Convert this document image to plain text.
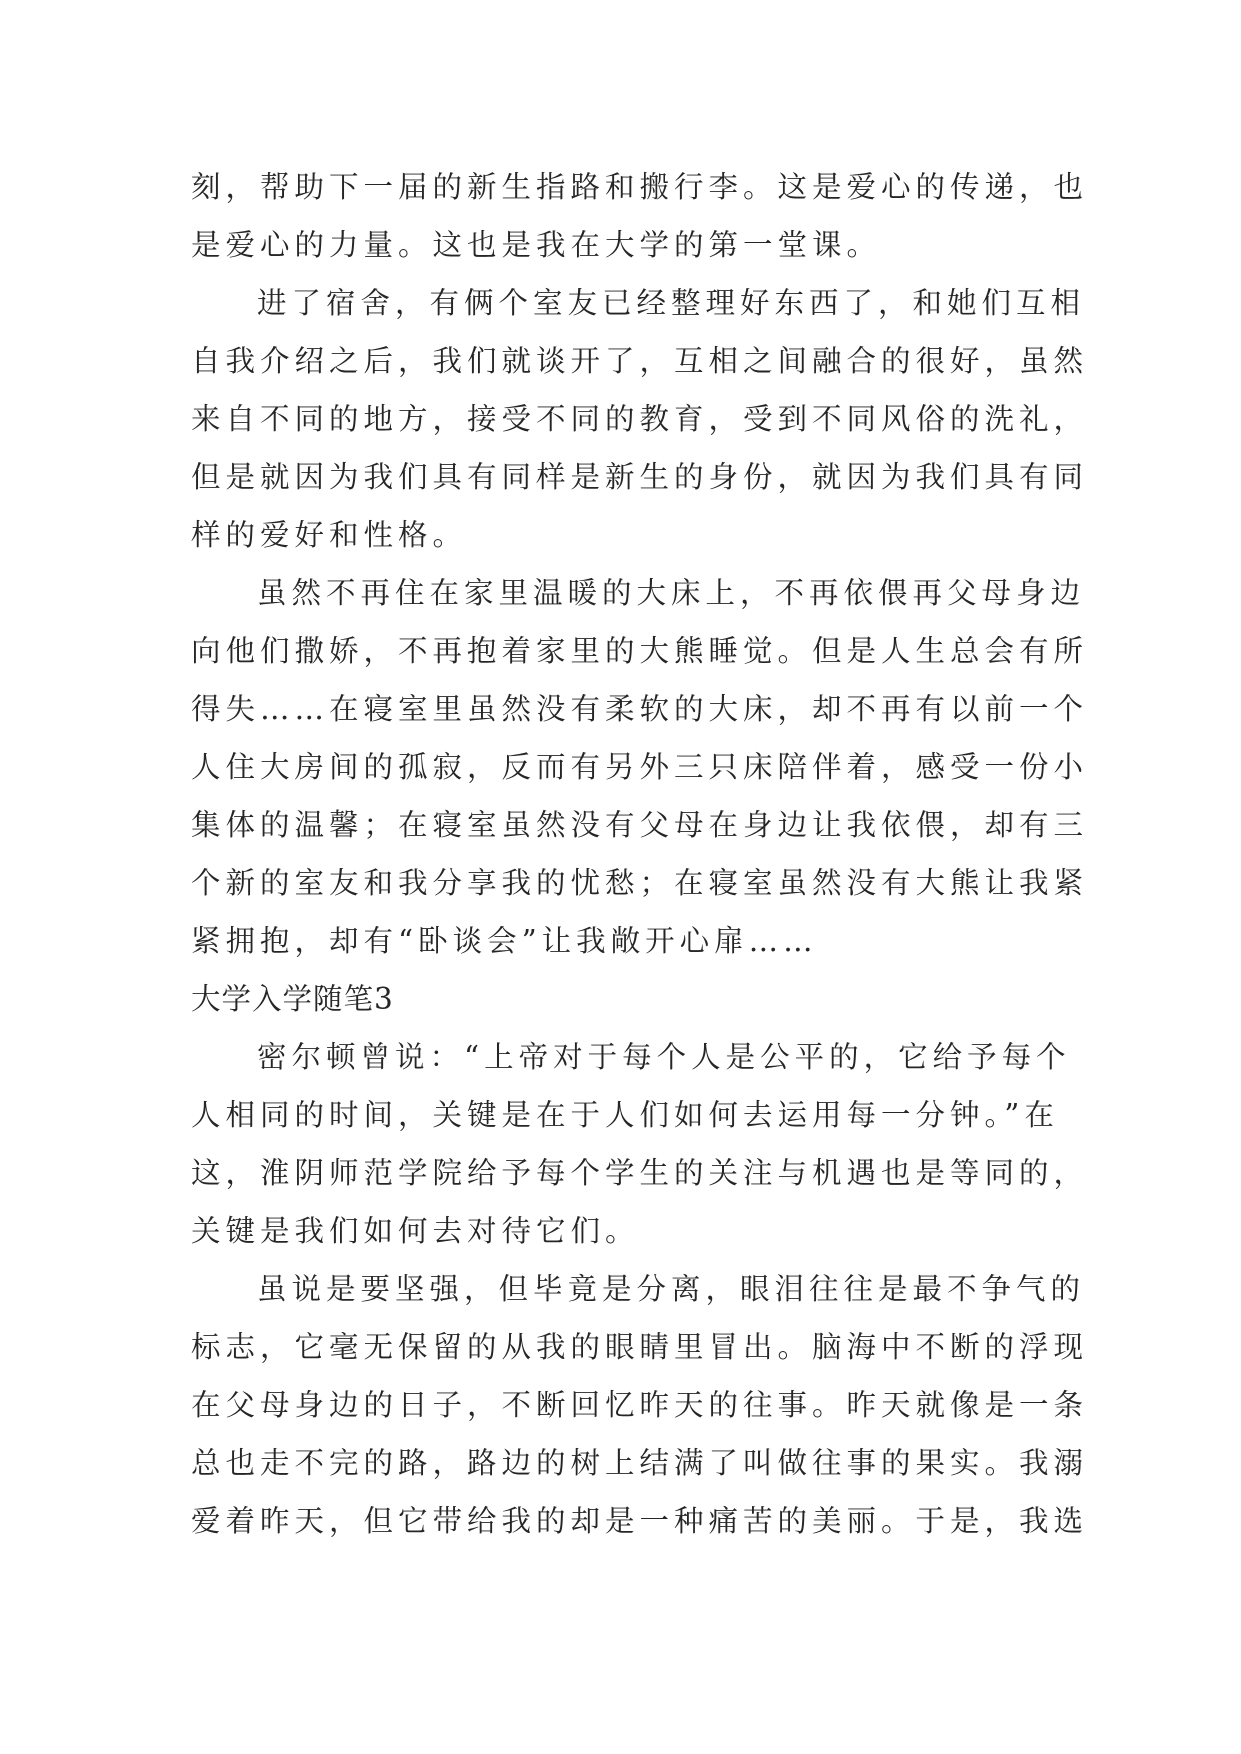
刻，帮助下一届的新生指路和搬行李。这是爱心的传递，也
是爱心的力量。这也是我在大学的第一堂课。
进了宿舍，有俩个室友已经整理好东西了，和她们互相
自我介绍之后，我们就谈开了，互相之间融合的很好，虽然
来自不同的地方，接受不同的教育，受到不同风俗的洗礼，
但是就因为我们具有同样是新生的身份，就因为我们具有同
样的爱好和性格。
虽然不再住在家里温暖的大床上，不再依偎再父母身边
向他们撒娇，不再抱着家里的大熊睡觉。但是人生总会有所
得失……在寝室里虽然没有柔软的大床，却不再有以前一个
人住大房间的孤寂，反而有另外三只床陪伴着，感受一份小
集体的温馨；在寝室虽然没有父母在身边让我依偎，却有三
个新的室友和我分享我的忧愁；在寝室虽然没有大熊让我紧
紧拥抱，却有“卧谈会”让我敞开心扉……
大学入学随笔3
密尔顿曾说：“上帝对于每个人是公平的，它给予每个
人相同的时间，关键是在于人们如何去运用每一分钟。”在
这，淮阴师范学院给予每个学生的关注与机遇也是等同的，
关键是我们如何去对待它们。
虽说是要坚强，但毕竟是分离，眼泪往往是最不争气的
标志，它毫无保留的从我的眼睛里冒出。脑海中不断的浮现
在父母身边的日子，不断回忆昨天的往事。昨天就像是一条
总也走不完的路，路边的树上结满了叫做往事的果实。我溺
爱着昨天，但它带给我的却是一种痛苦的美丽。于是，我选
